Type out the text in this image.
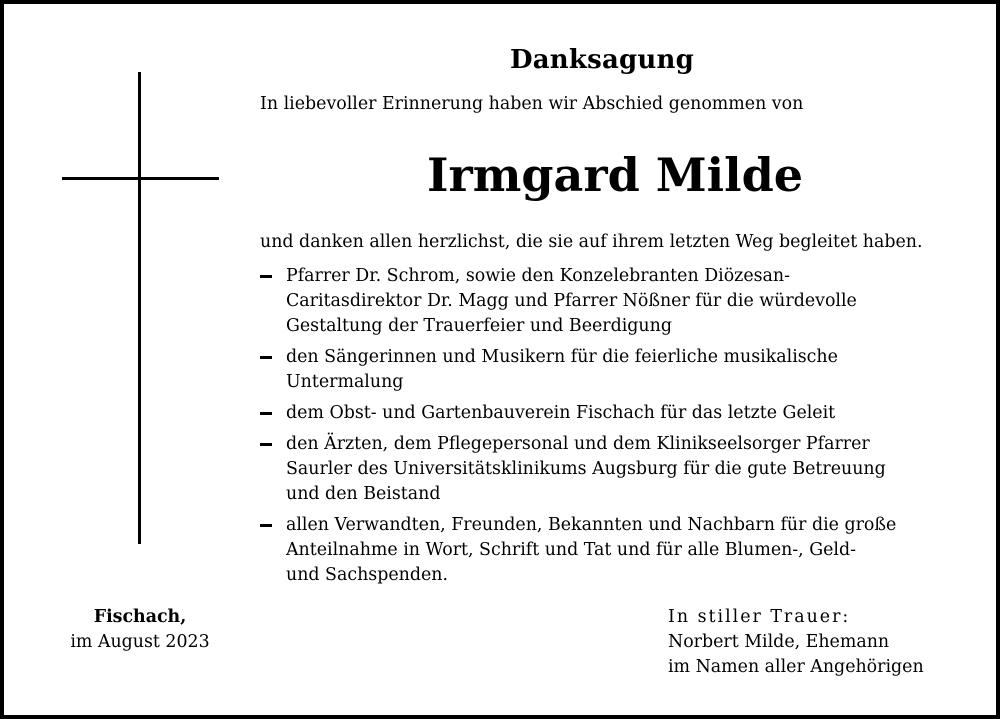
Danksagung
In liebevoller Erinnerung haben wir Abschied genommen von
Irmgard Milde
und danken allen herzlichst, die sie auf ihrem letzten Weg begleitet haben.
Pfarrer Dr. Schrom, sowie den Konzelebranten Diözesan-
Caritasdirektor Dr. Magg und Pfarrer Nößner für die würdevolle
Gestaltung der Trauerfeier und Beerdigung
den Sängerinnen und Musikern für die feierliche musikalische
Untermalung
dem Obst- und Gartenbauverein Fischach für das letzte Geleit
den Ärzten, dem Pflegepersonal und dem Klinikseelsorger Pfarrer
Saurler des Universitätsklinikums Augsburg für die gute Betreuung
und den Beistand
allen Verwandten, Freunden, Bekannten und Nachbarn für die große
Anteilnahme in Wort, Schrift und Tat und für alle Blumen-, Geld-
und Sachspenden.
Fischach,
im August 2023
In stiller Trauer:
Norbert Milde, Ehemann
im Namen aller Angehörigen
